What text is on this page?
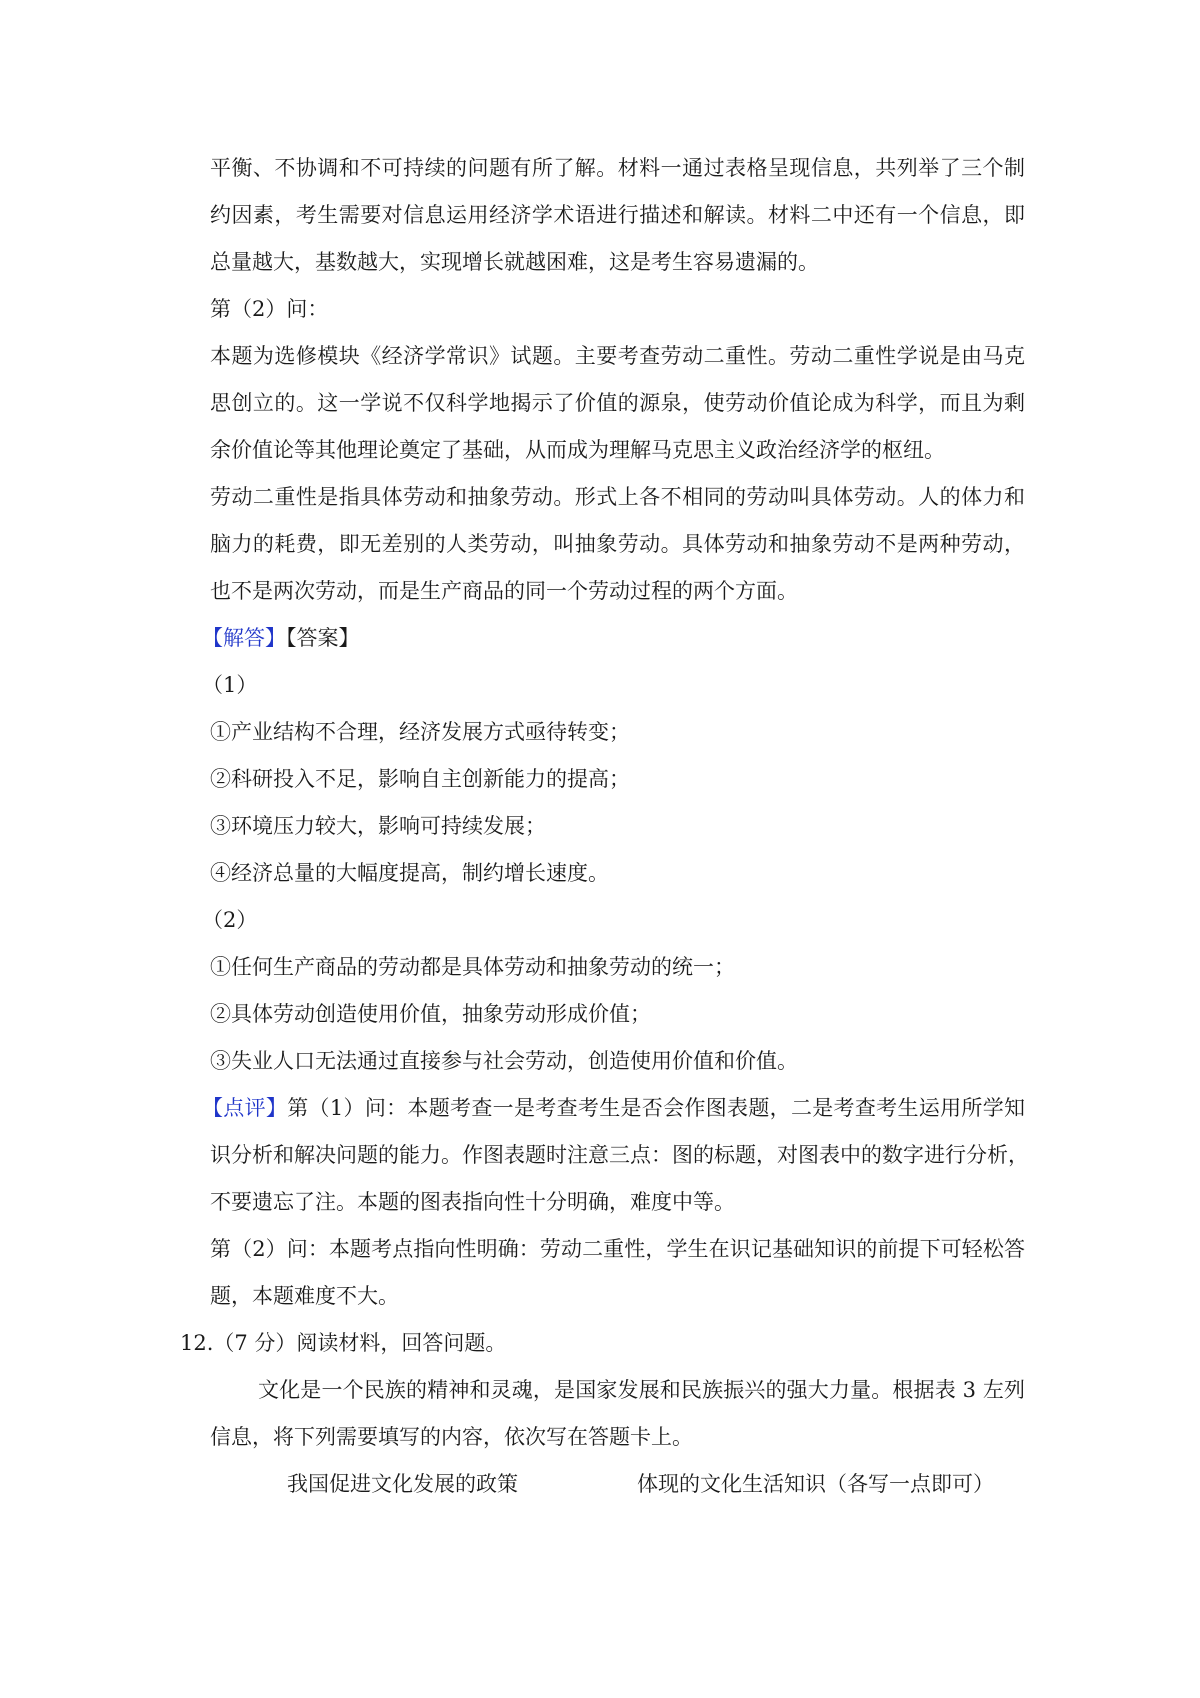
平衡、不协调和不可持续的问题有所了解。材料一通过表格呈现信息，共列举了三个制
约因素，考生需要对信息运用经济学术语进行描述和解读。材料二中还有一个信息，即
总量越大，基数越大，实现增长就越困难，这是考生容易遗漏的。
第（2）问：
本题为选修模块《经济学常识》试题。主要考查劳动二重性。劳动二重性学说是由马克
思创立的。这一学说不仅科学地揭示了价值的源泉，使劳动价值论成为科学，而且为剩
余价值论等其他理论奠定了基础，从而成为理解马克思主义政治经济学的枢纽。
劳动二重性是指具体劳动和抽象劳动。形式上各不相同的劳动叫具体劳动。人的体力和
脑力的耗费，即无差别的人类劳动，叫抽象劳动。具体劳动和抽象劳动不是两种劳动，
也不是两次劳动，而是生产商品的同一个劳动过程的两个方面。
【解答】【答案】
（1）
①产业结构不合理，经济发展方式亟待转变；
②科研投入不足，影响自主创新能力的提高；
③环境压力较大，影响可持续发展；
④经济总量的大幅度提高，制约增长速度。
（2）
①任何生产商品的劳动都是具体劳动和抽象劳动的统一；
②具体劳动创造使用价值，抽象劳动形成价值；
③失业人口无法通过直接参与社会劳动，创造使用价值和价值。
【点评】第（1）问：本题考查一是考查考生是否会作图表题，二是考查考生运用所学知
识分析和解决问题的能力。作图表题时注意三点：图的标题，对图表中的数字进行分析，
不要遗忘了注。本题的图表指向性十分明确，难度中等。
第（2）问：本题考点指向性明确：劳动二重性，学生在识记基础知识的前提下可轻松答
题，本题难度不大。
12.（7 分）阅读材料，回答问题。
文化是一个民族的精神和灵魂，是国家发展和民族振兴的强大力量。根据表 3 左列
信息，将下列需要填写的内容，依次写在答题卡上。
我国促进文化发展的政策	体现的文化生活知识（各写一点即可）
